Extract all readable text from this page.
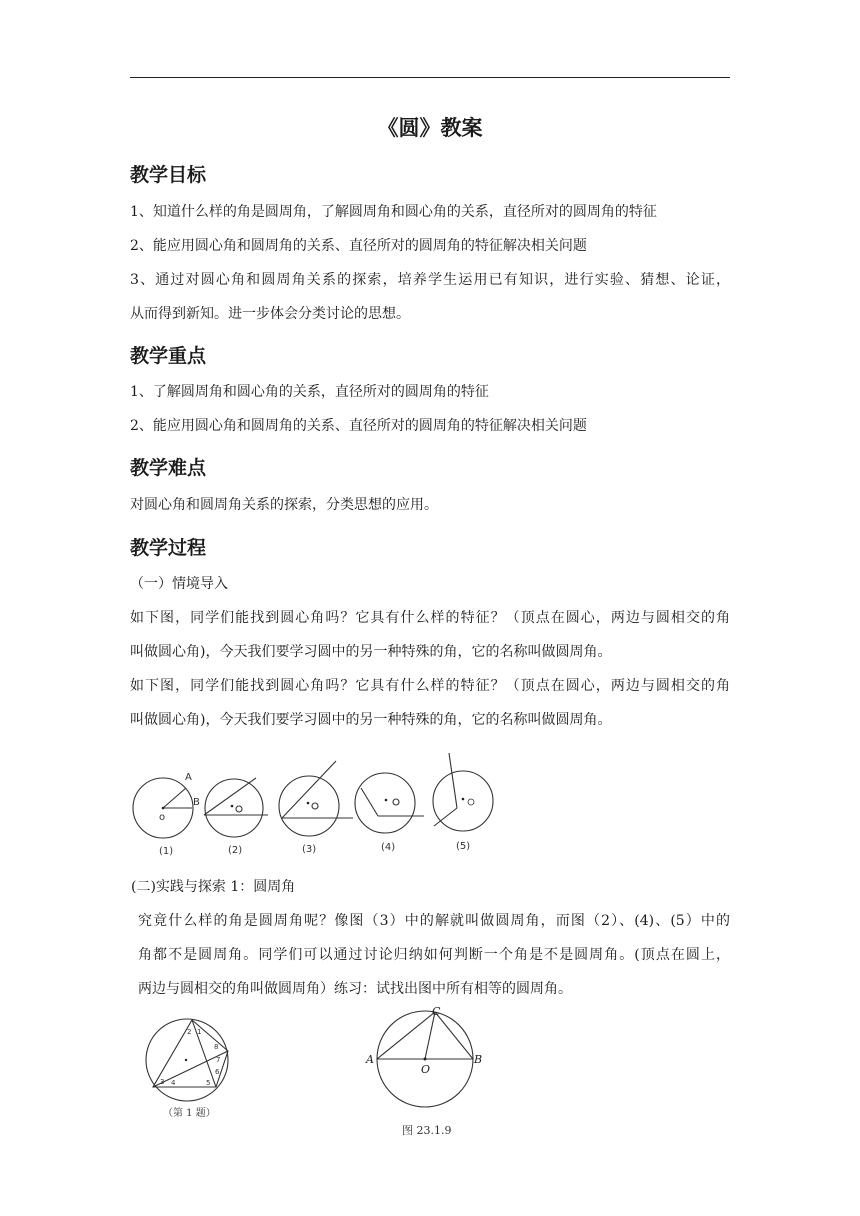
《圆》教案
教学目标
1、知道什么样的角是圆周角，了解圆周角和圆心角的关系，直径所对的圆周角的特征
2、能应用圆心角和圆周角的关系、直径所对的圆周角的特征解决相关问题
3、通过对圆心角和圆周角关系的探索，培养学生运用已有知识，进行实验、猜想、论证，
从而得到新知。进一步体会分类讨论的思想。
教学重点
1、了解圆周角和圆心角的关系，直径所对的圆周角的特征
2、能应用圆心角和圆周角的关系、直径所对的圆周角的特征解决相关问题
教学难点
对圆心角和圆周角关系的探索，分类思想的应用。
教学过程
（一）情境导入
如下图，同学们能找到圆心角吗？它具有什么样的特征？（顶点在圆心，两边与圆相交的角
叫做圆心角)，今天我们要学习圆中的另一种特殊的角，它的名称叫做圆周角。
如下图，同学们能找到圆心角吗？它具有什么样的特征？（顶点在圆心，两边与圆相交的角
叫做圆心角)，今天我们要学习圆中的另一种特殊的角，它的名称叫做圆周角。
A
B
o
(1)	(2)	(3)	(4)	(5)
(二)实践与探索 1：圆周角
究竟什么样的角是圆周角呢？像图（3）中的解就叫做圆周角，而图（2）、(4)、(5）中的
角都不是圆周角。同学们可以通过讨论归纳如何判断一个角是不是圆周角。(顶点在圆上，
两边与圆相交的角叫做圆周角）练习：试找出图中所有相等的圆周角。
1
2
3 4	5
6
7
8
（第 1 题）
A	B
C
O
图 23.1.9
